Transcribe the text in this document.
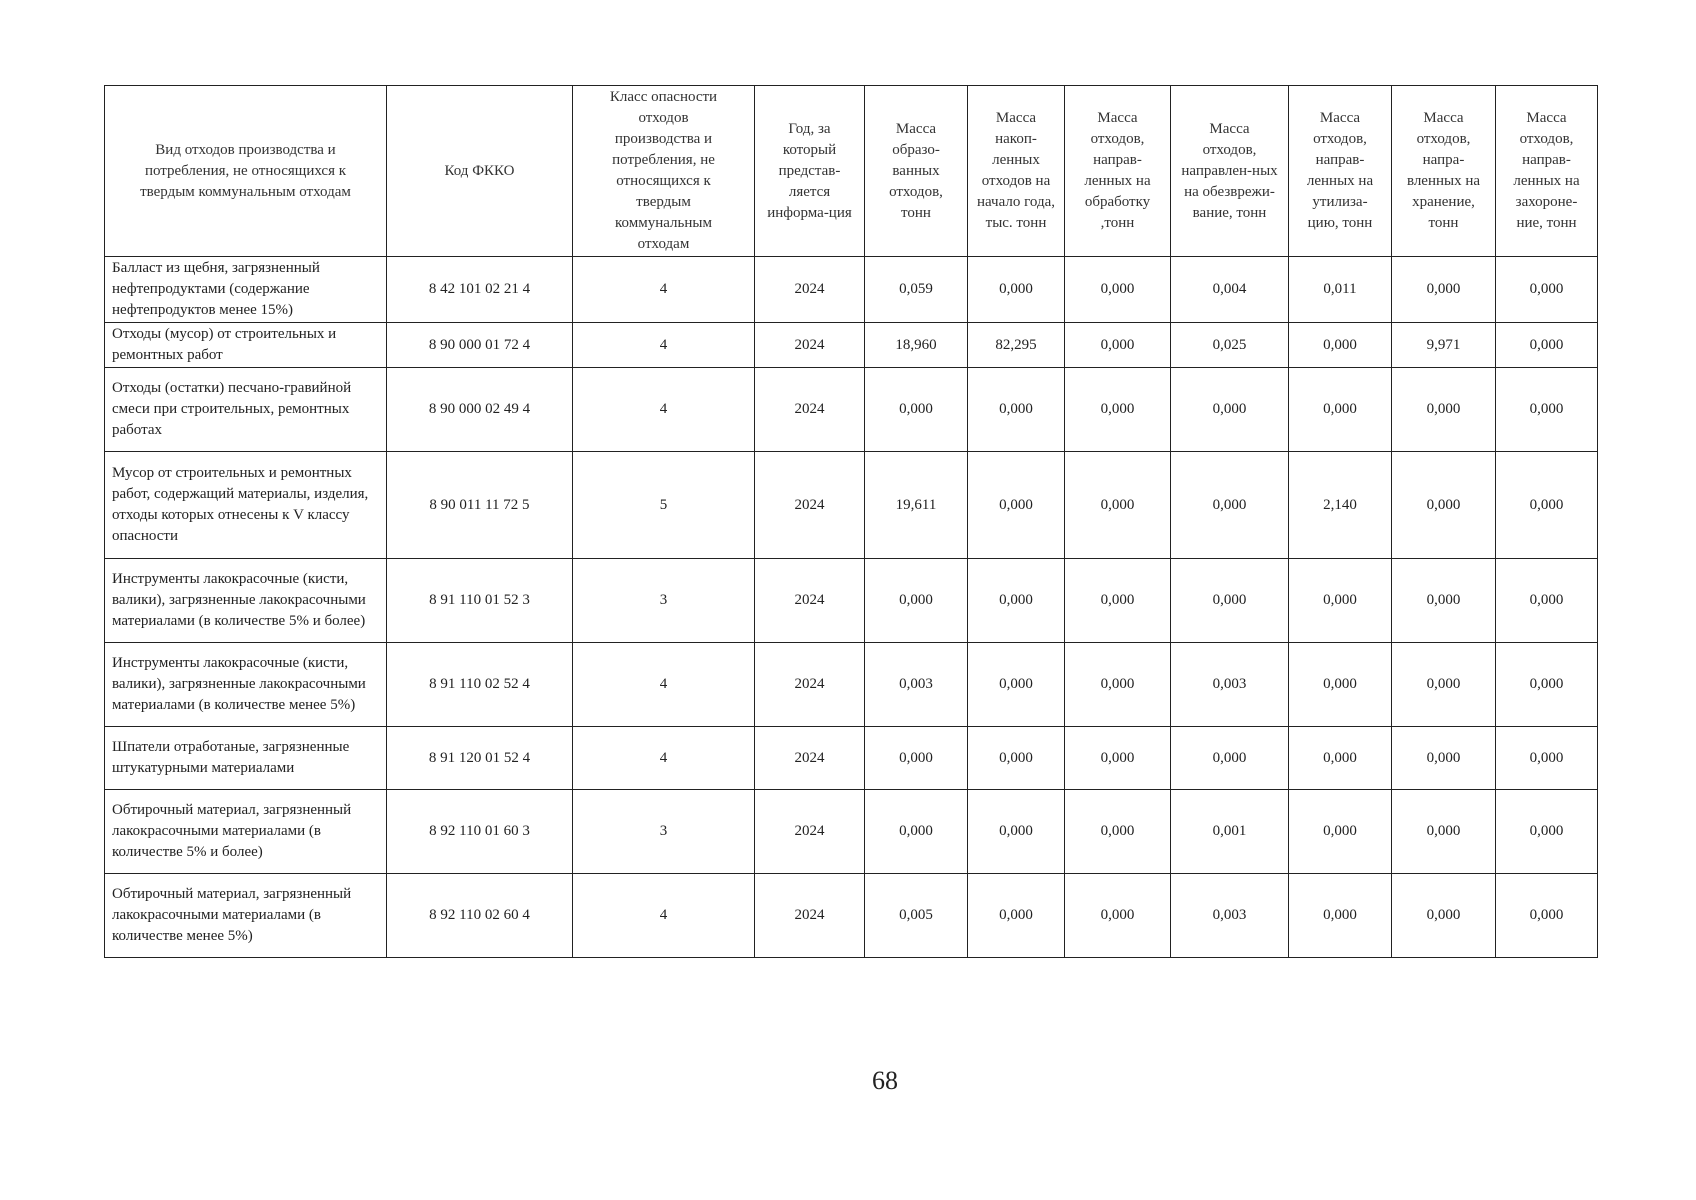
Вид отходов производства и потребления, не относящихся к твердым коммунальным отходам	Код ФККО	Класс опасности отходов производства и потребления, не относящихся к твердым коммунальным отходам	Год, за который представ-ляется информа-ция	Масса образо-ванных отходов, тонн	Масса накоп-ленных отходов на начало года, тыс. тонн	Масса отходов, направ-ленных на обработку ,тонн	Масса отходов, направлен-ных на обезврежи-вание, тонн	Масса отходов, направ-ленных на утилиза-цию, тонн	Масса отходов, напра-вленных на хранение, тонн	Масса отходов, направ-ленных на захороне-ние, тонн
Балласт из щебня, загрязненный нефтепродуктами (содержание нефтепродуктов менее 15%)	8 42 101 02 21 4	4	2024	0,059	0,000	0,000	0,004	0,011	0,000	0,000
Отходы (мусор) от строительных и ремонтных работ	8 90 000 01 72 4	4	2024	18,960	82,295	0,000	0,025	0,000	9,971	0,000
Отходы (остатки) песчано-гравийной смеси при строительных, ремонтных работах	8 90 000 02 49 4	4	2024	0,000	0,000	0,000	0,000	0,000	0,000	0,000
Мусор от строительных и ремонтных работ, содержащий материалы, изделия, отходы которых отнесены к V классу опасности	8 90 011 11 72 5	5	2024	19,611	0,000	0,000	0,000	2,140	0,000	0,000
Инструменты лакокрасочные (кисти, валики), загрязненные лакокрасочными материалами (в количестве 5% и более)	8 91 110 01 52 3	3	2024	0,000	0,000	0,000	0,000	0,000	0,000	0,000
Инструменты лакокрасочные (кисти, валики), загрязненные лакокрасочными материалами (в количестве менее 5%)	8 91 110 02 52 4	4	2024	0,003	0,000	0,000	0,003	0,000	0,000	0,000
Шпатели отработаные, загрязненные штукатурными материалами	8 91 120 01 52 4	4	2024	0,000	0,000	0,000	0,000	0,000	0,000	0,000
Обтирочный материал, загрязненный лакокрасочными материалами (в количестве 5% и более)	8 92 110 01 60 3	3	2024	0,000	0,000	0,000	0,001	0,000	0,000	0,000
Обтирочный материал, загрязненный лакокрасочными материалами (в количестве менее 5%)	8 92 110 02 60 4	4	2024	0,005	0,000	0,000	0,003	0,000	0,000	0,000
68
